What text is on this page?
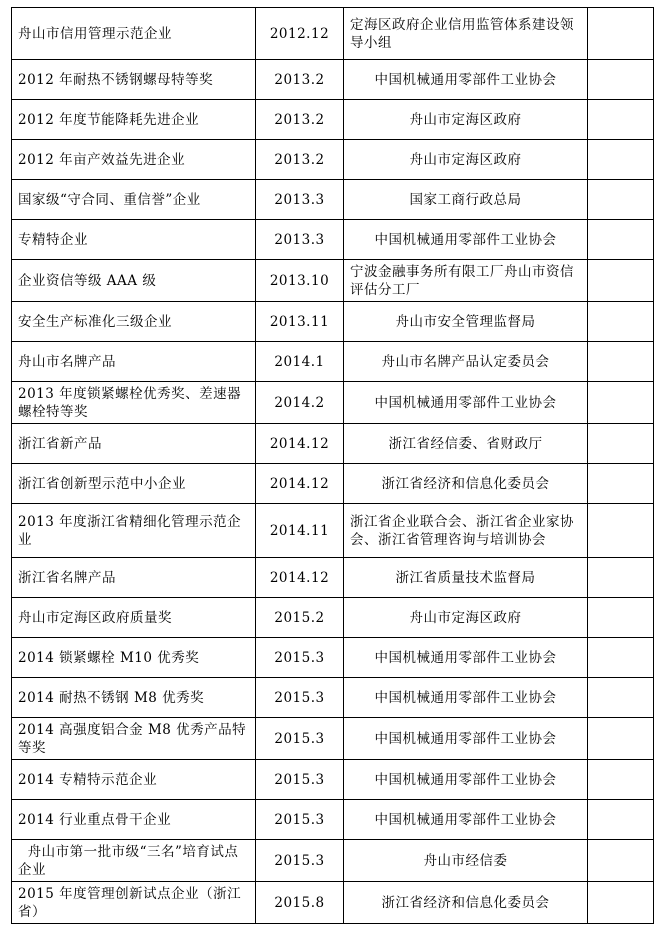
舟山市信用管理示范企业	2012.12	定海区政府企业信用监管体系建设领导小组	
2012 年耐热不锈钢螺母特等奖	2013.2	中国机械通用零部件工业协会	
2012 年度节能降耗先进企业	2013.2	舟山市定海区政府	
2012 年亩产效益先进企业	2013.2	舟山市定海区政府	
国家级“守合同、重信誉”企业	2013.3	国家工商行政总局	
专精特企业	2013.3	中国机械通用零部件工业协会	
企业资信等级 AAA 级	2013.10	宁波金融事务所有限工厂舟山市资信评估分工厂	
安全生产标准化三级企业	2013.11	舟山市安全管理监督局	
舟山市名牌产品	2014.1	舟山市名牌产品认定委员会	
2013 年度锁紧螺栓优秀奖、差速器螺栓特等奖	2014.2	中国机械通用零部件工业协会	
浙江省新产品	2014.12	浙江省经信委、省财政厅	
浙江省创新型示范中小企业	2014.12	浙江省经济和信息化委员会	
2013 年度浙江省精细化管理示范企业	2014.11	浙江省企业联合会、浙江省企业家协会、浙江省管理咨询与培训协会	
浙江省名牌产品	2014.12	浙江省质量技术监督局	
舟山市定海区政府质量奖	2015.2	舟山市定海区政府	
2014 锁紧螺栓 M10 优秀奖	2015.3	中国机械通用零部件工业协会	
2014 耐热不锈钢 M8 优秀奖	2015.3	中国机械通用零部件工业协会	
2014 高强度铝合金 M8 优秀产品特等奖	2015.3	中国机械通用零部件工业协会	
2014 专精特示范企业	2015.3	中国机械通用零部件工业协会	
2014 行业重点骨干企业	2015.3	中国机械通用零部件工业协会	
舟山市第一批市级“三名”培育试点企业	2015.3	舟山市经信委	
2015 年度管理创新试点企业（浙江省）	2015.8	浙江省经济和信息化委员会	
